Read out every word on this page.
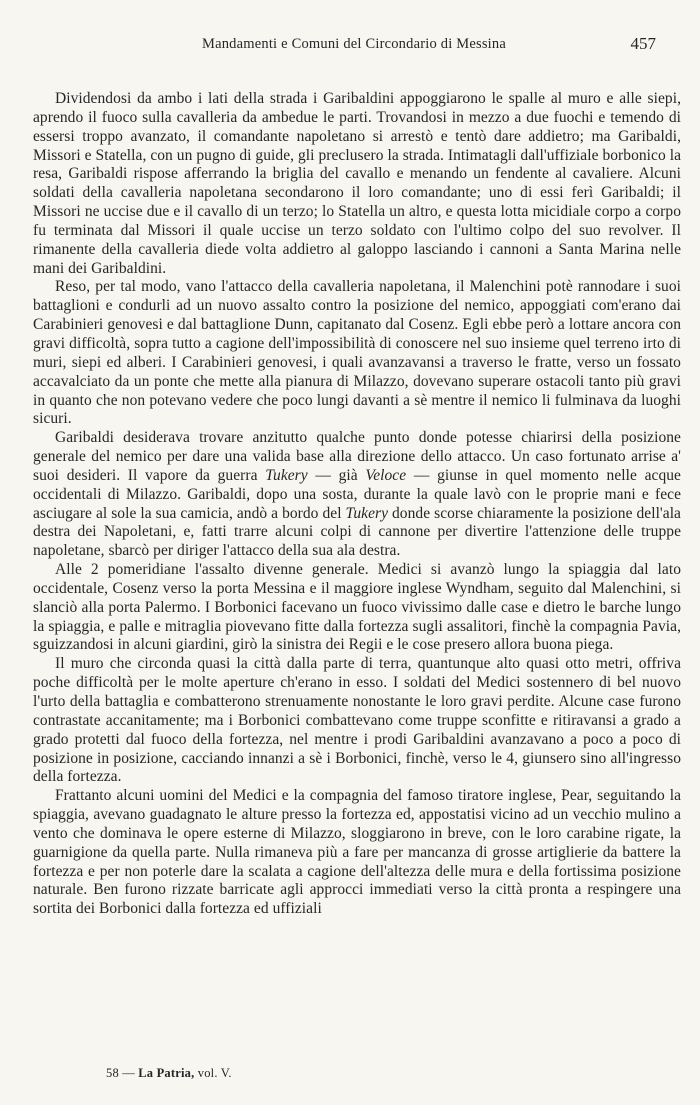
Mandamenti e Comuni del Circondario di Messina	457

Dividendosi da ambo i lati della strada i Garibaldini appoggiarono le spalle al muro e alle siepi, aprendo il fuoco sulla cavalleria da ambedue le parti. Trovandosi in mezzo a due fuochi e temendo di essersi troppo avanzato, il comandante napoletano si arrestò e tentò dare addietro; ma Garibaldi, Missori e Statella, con un pugno di guide, gli preclusero la strada. Intimatagli dall'uffiziale borbonico la resa, Garibaldi rispose afferrando la briglia del cavallo e menando un fendente al cavaliere. Alcuni soldati della cavalleria napoletana secondarono il loro comandante; uno di essi ferì Garibaldi; il Missori ne uccise due e il cavallo di un terzo; lo Statella un altro, e questa lotta micidiale corpo a corpo fu terminata dal Missori il quale uccise un terzo soldato con l'ultimo colpo del suo revolver. Il rimanente della cavalleria diede volta addietro al galoppo lasciando i cannoni a Santa Marina nelle mani dei Garibaldini.

Reso, per tal modo, vano l'attacco della cavalleria napoletana, il Malenchini potè rannodare i suoi battaglioni e condurli ad un nuovo assalto contro la posizione del nemico, appoggiati com'erano dai Carabinieri genovesi e dal battaglione Dunn, capitanato dal Cosenz. Egli ebbe però a lottare ancora con gravi difficoltà, sopra tutto a cagione dell'impossibilità di conoscere nel suo insieme quel terreno irto di muri, siepi ed alberi. I Carabinieri genovesi, i quali avanzavansi a traverso le fratte, verso un fossato accavalciato da un ponte che mette alla pianura di Milazzo, dovevano superare ostacoli tanto più gravi in quanto che non potevano vedere che poco lungi davanti a sè mentre il nemico li fulminava da luoghi sicuri.

Garibaldi desiderava trovare anzitutto qualche punto donde potesse chiarirsi della posizione generale del nemico per dare una valida base alla direzione dello attacco. Un caso fortunato arrise a' suoi desideri. Il vapore da guerra Tukery — già Veloce — giunse in quel momento nelle acque occidentali di Milazzo. Garibaldi, dopo una sosta, durante la quale lavò con le proprie mani e fece asciugare al sole la sua camicia, andò a bordo del Tukery donde scorse chiaramente la posizione dell'ala destra dei Napoletani, e, fatti trarre alcuni colpi di cannone per divertire l'attenzione delle truppe napoletane, sbarcò per diriger l'attacco della sua ala destra.

Alle 2 pomeridiane l'assalto divenne generale. Medici si avanzò lungo la spiaggia dal lato occidentale, Cosenz verso la porta Messina e il maggiore inglese Wyndham, seguito dal Malenchini, si slanciò alla porta Palermo. I Borbonici facevano un fuoco vivissimo dalle case e dietro le barche lungo la spiaggia, e palle e mitraglia piovevano fitte dalla fortezza sugli assalitori, finchè la compagnia Pavia, sguizzandosi in alcuni giardini, girò la sinistra dei Regii e le cose presero allora buona piega.

Il muro che circonda quasi la città dalla parte di terra, quantunque alto quasi otto metri, offriva poche difficoltà per le molte aperture ch'erano in esso. I soldati del Medici sostennero di bel nuovo l'urto della battaglia e combatterono strenuamente nonostante le loro gravi perdite. Alcune case furono contrastate accanitamente; ma i Borbonici combattevano come truppe sconfitte e ritiravansi a grado a grado protetti dal fuoco della fortezza, nel mentre i prodi Garibaldini avanzavano a poco a poco di posizione in posizione, cacciando innanzi a sè i Borbonici, finchè, verso le 4, giunsero sino all'ingresso della fortezza.

Frattanto alcuni uomini del Medici e la compagnia del famoso tiratore inglese, Pear, seguitando la spiaggia, avevano guadagnato le alture presso la fortezza ed, appostatisi vicino ad un vecchio mulino a vento che dominava le opere esterne di Milazzo, sloggiarono in breve, con le loro carabine rigate, la guarnigione da quella parte. Nulla rimaneva più a fare per mancanza di grosse artiglierie da battere la fortezza e per non poterle dare la scalata a cagione dell'altezza delle mura e della fortissima posizione naturale. Ben furono rizzate barricate agli approcci immediati verso la città pronta a respingere una sortita dei Borbonici dalla fortezza ed uffiziali

58 — La Patria, vol. V.
